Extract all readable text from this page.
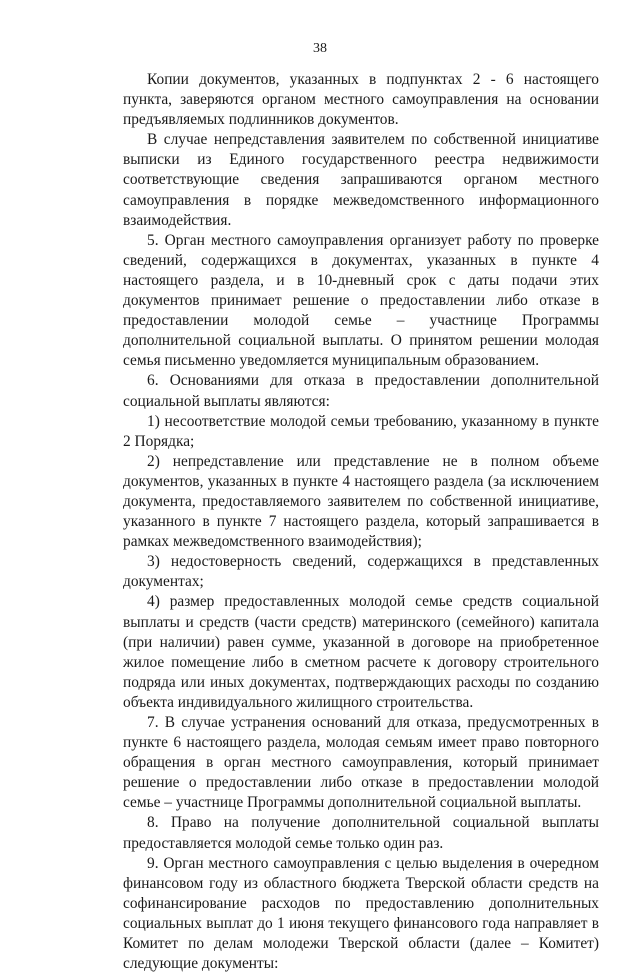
38

Копии документов, указанных в подпунктах 2 - 6 настоящего пункта, заверяются органом местного самоуправления на основании предъявляемых подлинников документов.

В случае непредставления заявителем по собственной инициативе выписки из Единого государственного реестра недвижимости соответствующие сведения запрашиваются органом местного самоуправления в порядке межведомственного информационного взаимодействия.

5. Орган местного самоуправления организует работу по проверке сведений, содержащихся в документах, указанных в пункте 4 настоящего раздела, и в 10-дневный срок с даты подачи этих документов принимает решение о предоставлении либо отказе в предоставлении молодой семье – участнице Программы дополнительной социальной выплаты. О принятом решении молодая семья письменно уведомляется муниципальным образованием.

6. Основаниями для отказа в предоставлении дополнительной социальной выплаты являются:

1) несоответствие молодой семьи требованию, указанному в пункте 2 Порядка;

2) непредставление или представление не в полном объеме документов, указанных в пункте 4 настоящего раздела (за исключением документа, предоставляемого заявителем по собственной инициативе, указанного в пункте 7 настоящего раздела, который запрашивается в рамках межведомственного взаимодействия);

3) недостоверность сведений, содержащихся в представленных документах;

4) размер предоставленных молодой семье средств социальной выплаты и средств (части средств) материнского (семейного) капитала (при наличии) равен сумме, указанной в договоре на приобретенное жилое помещение либо в сметном расчете к договору строительного подряда или иных документах, подтверждающих расходы по созданию объекта индивидуального жилищного строительства.

7. В случае устранения оснований для отказа, предусмотренных в пункте 6 настоящего раздела, молодая семьям имеет право повторного обращения в орган местного самоуправления, который принимает решение о предоставлении либо отказе в предоставлении молодой семье – участнице Программы дополнительной социальной выплаты.

8. Право на получение дополнительной социальной выплаты предоставляется молодой семье только один раз.

9. Орган местного самоуправления с целью выделения в очередном финансовом году из областного бюджета Тверской области средств на софинансирование расходов по предоставлению дополнительных социальных выплат до 1 июня текущего финансового года направляет в Комитет по делам молодежи Тверской области (далее – Комитет) следующие документы:
